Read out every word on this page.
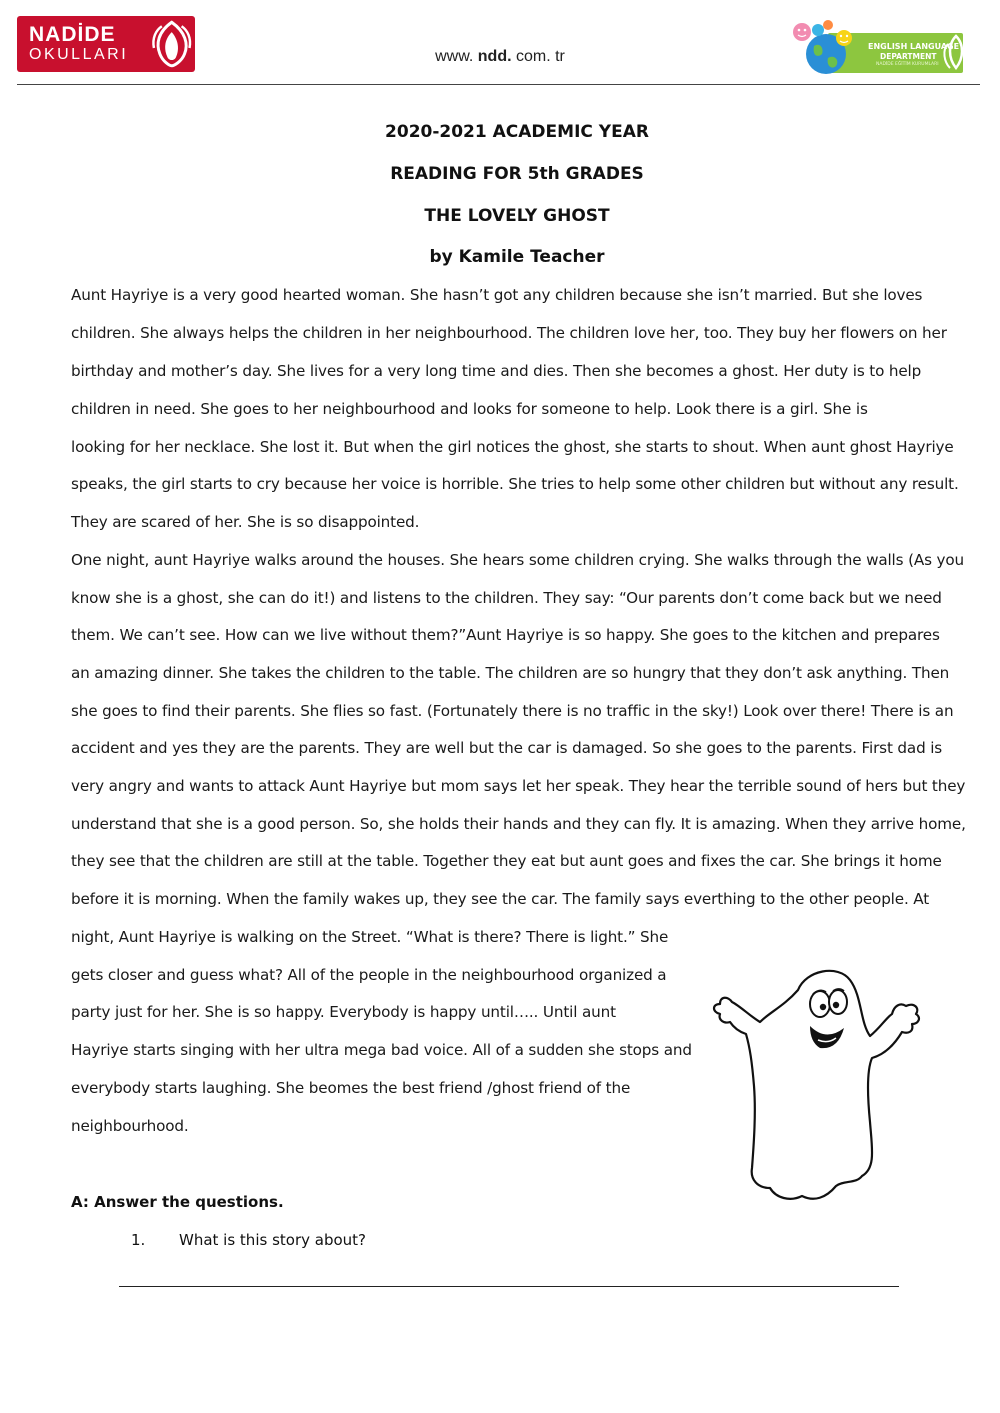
NADİDE
OKULLARI	www. ndd. com. tr
ENGLISH LANGUAGE
DEPARTMENT
NADİDE EĞİTİM KURUMLARI
2020-2021 ACADEMIC YEAR
READING FOR 5th GRADES
THE LOVELY GHOST
by Kamile Teacher
Aunt Hayriye is a very good hearted woman. She hasn’t got any children because she isn’t married. But she loves
children. She always helps the children in her neighbourhood. The children love her, too. They buy her flowers on her
birthday and mother’s day. She lives for a very long time and dies. Then she becomes a ghost. Her duty is to help
children in need. She goes to her neighbourhood and looks for someone to help. Look there is a girl. She is
looking for her necklace. She lost it. But when the girl notices the ghost, she starts to shout. When aunt ghost Hayriye
speaks, the girl starts to cry because her voice is horrible. She tries to help some other children but without any result.
They are scared of her. She is so disappointed.
One night, aunt Hayriye walks around the houses. She hears some children crying. She walks through the walls (As you
know she is a ghost, she can do it!) and listens to the children. They say: “Our parents don’t come back but we need
them. We can’t see. How can we live without them?”Aunt Hayriye is so happy. She goes to the kitchen and prepares
an amazing dinner. She takes the children to the table. The children are so hungry that they don’t ask anything. Then
she goes to find their parents. She flies so fast. (Fortunately there is no traffic in the sky!) Look over there! There is an
accident and yes they are the parents. They are well but the car is damaged. So she goes to the parents. First dad is
very angry and wants to attack Aunt Hayriye but mom says let her speak. They hear the terrible sound of hers but they
understand that she is a good person. So, she holds their hands and they can fly. It is amazing. When they arrive home,
they see that the children are still at the table. Together they eat but aunt goes and fixes the car. She brings it home
before it is morning. When the family wakes up, they see the car. The family says everthing to the other people. At
night, Aunt Hayriye is walking on the Street. “What is there? There is light.” She
gets closer and guess what? All of the people in the neighbourhood organized a
party just for her. She is so happy. Everybody is happy until….. Until aunt
Hayriye starts singing with her ultra mega bad voice. All of a sudden she stops and
everybody starts laughing. She beomes the best friend /ghost friend of the
neighbourhood.
A: Answer the questions.
1. What is this story about?
